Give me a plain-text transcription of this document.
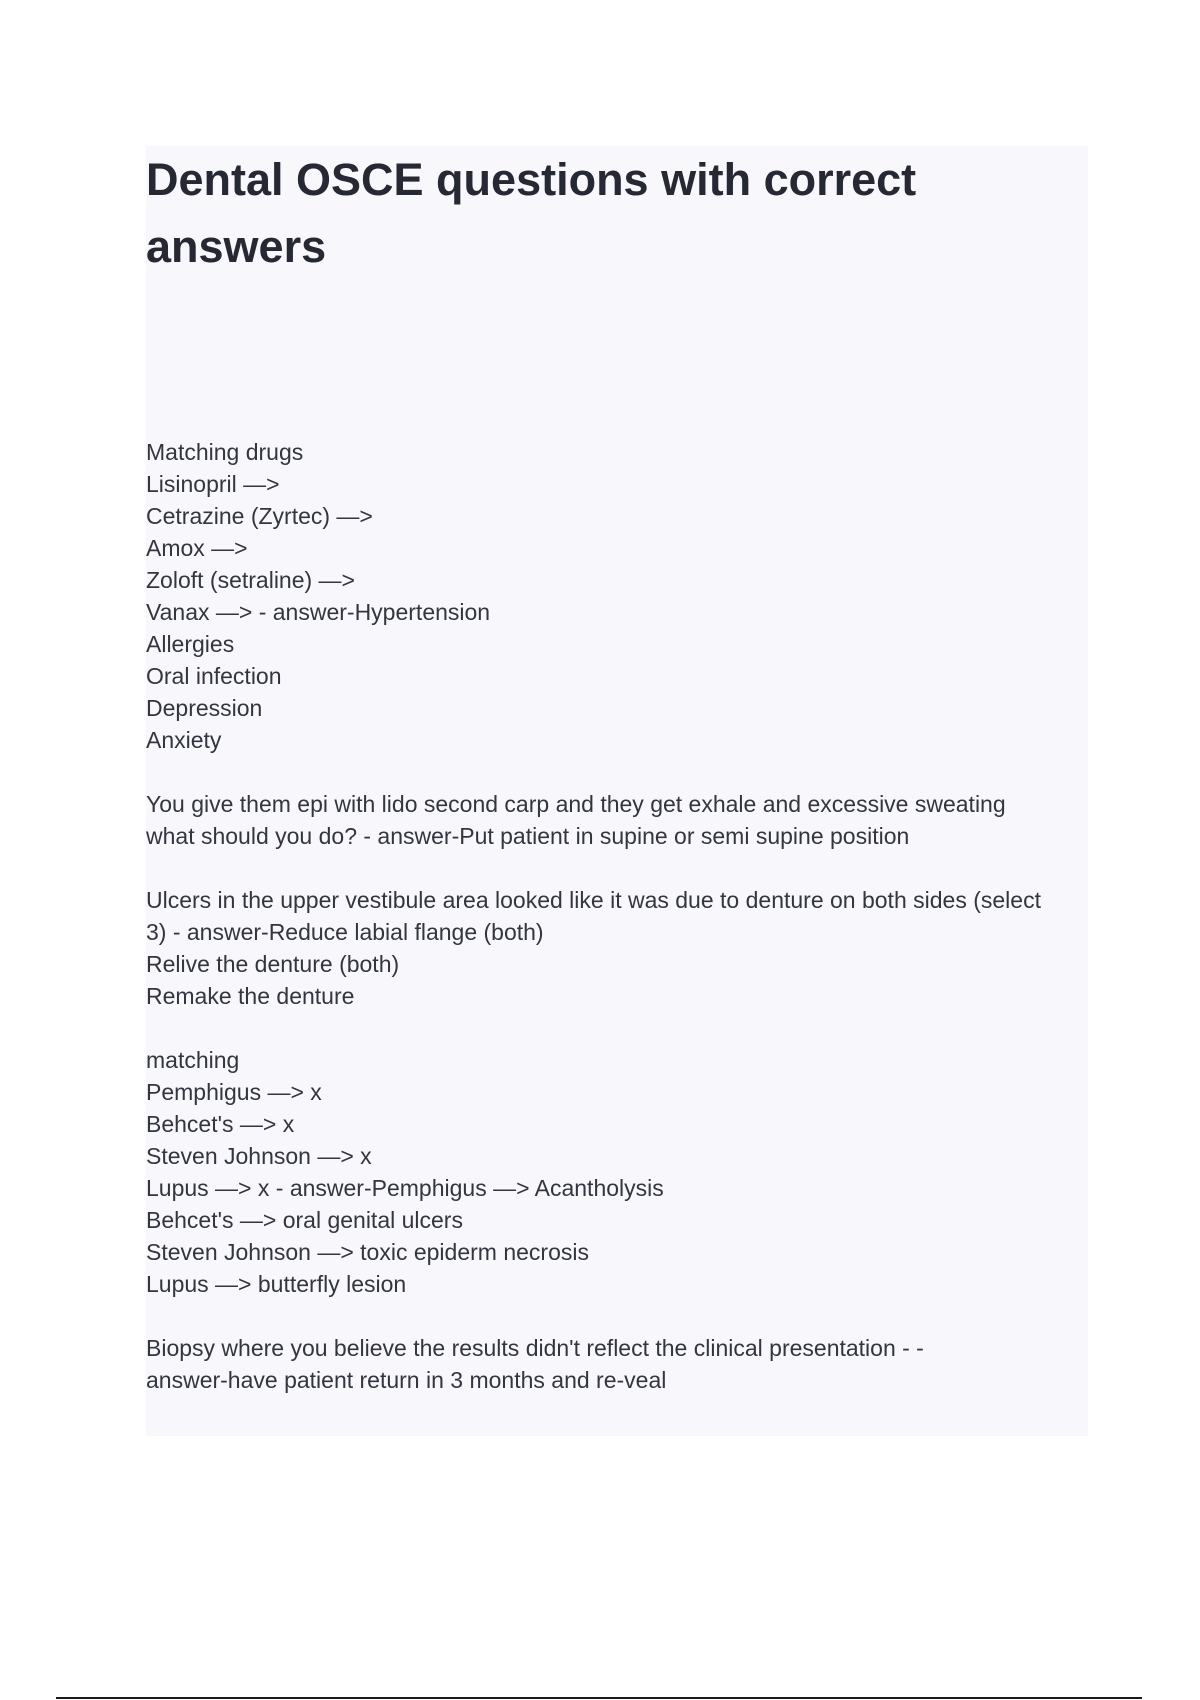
Dental OSCE questions with correct answers
Matching drugs
Lisinopril —>
Cetrazine (Zyrtec) —>
Amox —>
Zoloft (setraline) —>
Vanax —> - answer-Hypertension
Allergies
Oral infection
Depression
Anxiety
You give them epi with lido second carp and they get exhale and excessive sweating
what should you do? - answer-Put patient in supine or semi supine position
Ulcers in the upper vestibule area looked like it was due to denture on both sides (select
3) - answer-Reduce labial flange (both)
Relive the denture (both)
Remake the denture
matching
Pemphigus —> x
Behcet's —> x
Steven Johnson —> x
Lupus —> x - answer-Pemphigus —> Acantholysis
Behcet's —> oral genital ulcers
Steven Johnson —> toxic epiderm necrosis
Lupus —> butterfly lesion
Biopsy where you believe the results didn't reflect the clinical presentation - -
answer-have patient return in 3 months and re-veal
